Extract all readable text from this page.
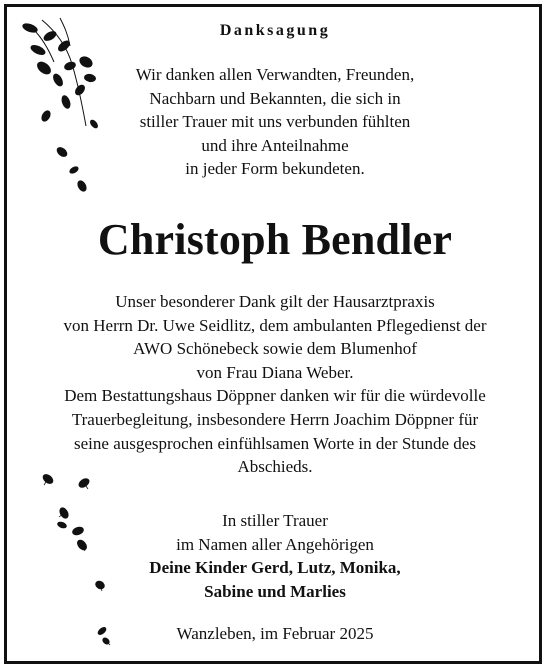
Danksagung
Wir danken allen Verwandten, Freunden,
Nachbarn und Bekannten, die sich in
stiller Trauer mit uns verbunden fühlten
und ihre Anteilnahme
in jeder Form bekundeten.
Christoph Bendler
Unser besonderer Dank gilt der Hausarztpraxis
von Herrn Dr. Uwe Seidlitz, dem ambulanten Pflegedienst der
AWO Schönebeck sowie dem Blumenhof
von Frau Diana Weber.
Dem Bestattungshaus Döppner danken wir für die würdevolle
Trauerbegleitung, insbesondere Herrn Joachim Döppner für
seine ausgesprochen einfühlsamen Worte in der Stunde des
Abschieds.
In stiller Trauer
im Namen aller Angehörigen
Deine Kinder Gerd, Lutz, Monika,
Sabine und Marlies
Wanzleben, im Februar 2025
